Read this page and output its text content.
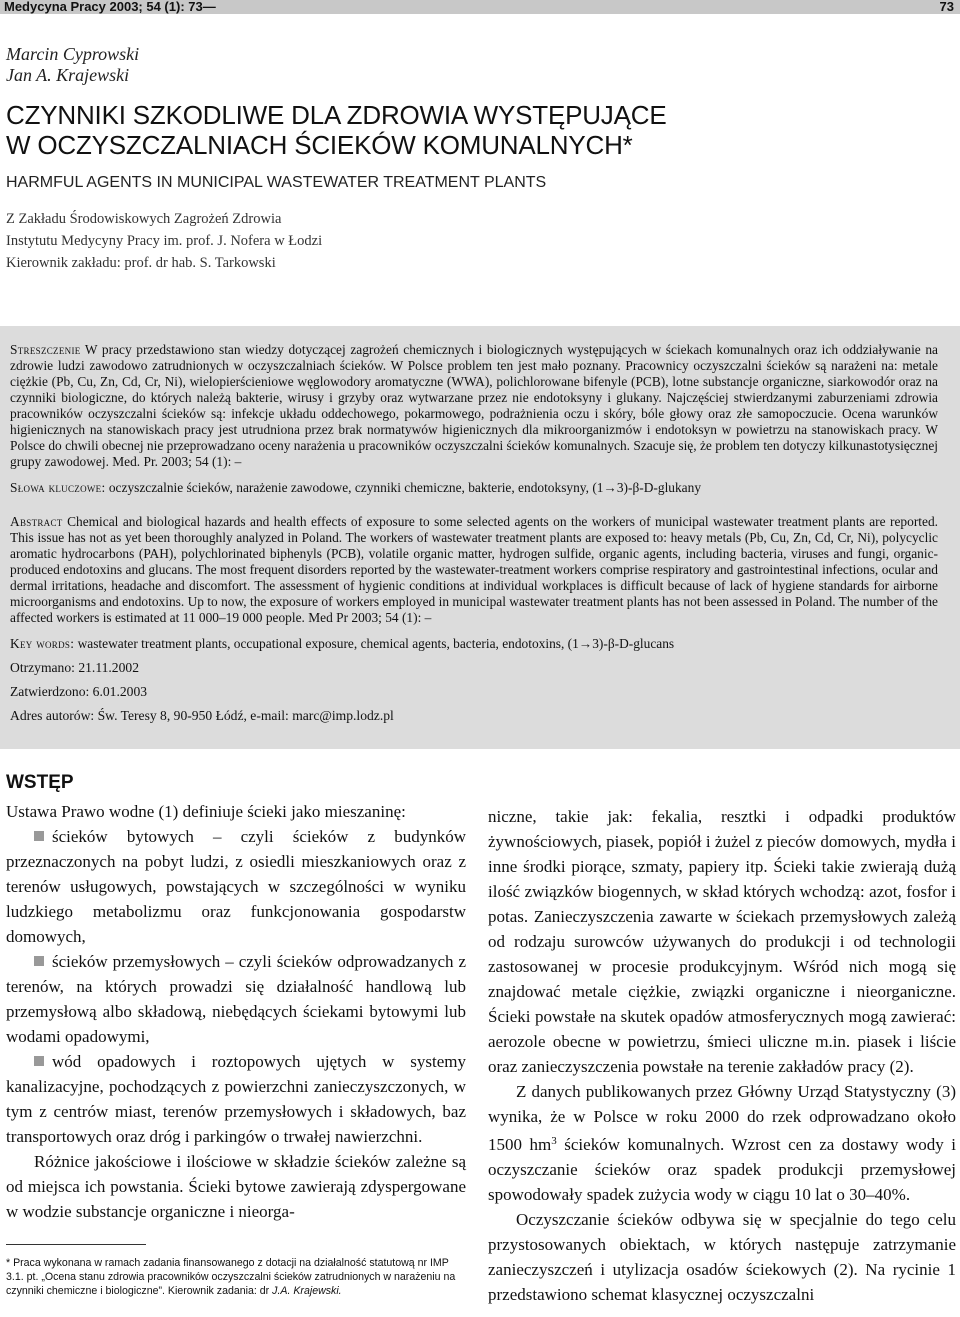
Medycyna Pracy 2003; 54 (1): 73—	73
Marcin Cyprowski
Jan A. Krajewski
CZYNNIKI SZKODLIWE DLA ZDROWIA WYSTĘPUJĄCE
W OCZYSZCZALNIACH ŚCIEKÓW KOMUNALNYCH*
HARMFUL AGENTS IN MUNICIPAL WASTEWATER TREATMENT PLANTS
Z Zakładu Środowiskowych Zagrożeń Zdrowia
Instytutu Medycyny Pracy im. prof. J. Nofera w Łodzi
Kierownik zakładu: prof. dr hab. S. Tarkowski

Streszczenie W pracy przedstawiono stan wiedzy dotyczącej zagrożeń chemicznych i biologicznych występujących w ściekach komunalnych oraz ich oddziaływanie na zdrowie ludzi zawodowo zatrudnionych w oczyszczalniach ścieków. W Polsce problem ten jest mało poznany. Pracownicy oczyszczalni ścieków są narażeni na: metale ciężkie (Pb, Cu, Zn, Cd, Cr, Ni), wielopierścieniowe węglowodory aromatyczne (WWA), polichlorowane bifenyle (PCB), lotne substancje organiczne, siarkowodór oraz na czynniki biologiczne, do których należą bakterie, wirusy i grzyby oraz wytwarzane przez nie endotoksyny i glukany. Najczęściej stwierdzanymi zaburzeniami zdrowia pracowników oczyszczalni ścieków są: infekcje układu oddechowego, pokarmowego, podrażnienia oczu i skóry, bóle głowy oraz złe samopoczucie. Ocena warunków higienicznych na stanowiskach pracy jest utrudniona przez brak normatywów higienicznych dla mikroorganizmów i endotoksyn w powietrzu na stanowiskach pracy. W Polsce do chwili obecnej nie przeprowadzano oceny narażenia u pracowników oczyszczalni ścieków komunalnych. Szacuje się, że problem ten dotyczy kilkunastotysięcznej grupy zawodowej. Med. Pr. 2003; 54 (1): –

Słowa kluczowe: oczyszczalnie ścieków, narażenie zawodowe, czynniki chemiczne, bakterie, endotoksyny, (1→3)-β-D-glukany

Abstract Chemical and biological hazards and health effects of exposure to some selected agents on the workers of municipal wastewater treatment plants are reported. This issue has not as yet been thoroughly analyzed in Poland. The workers of wastewater treatment plants are exposed to: heavy metals (Pb, Cu, Zn, Cd, Cr, Ni), polycyclic aromatic hydrocarbons (PAH), polychlorinated biphenyls (PCB), volatile organic matter, hydrogen sulfide, organic agents, including bacteria, viruses and fungi, organic-produced endotoxins and glucans. The most frequent disorders reported by the wastewater-treatment workers comprise respiratory and gastrointestinal infections, ocular and dermal irritations, headache and discomfort. The assessment of hygienic conditions at individual workplaces is difficult because of lack of hygiene standards for airborne microorganisms and endotoxins. Up to now, the exposure of workers employed in municipal wastewater treatment plants has not been assessed in Poland. The number of the affected workers is estimated at 11 000–19 000 people. Med Pr 2003; 54 (1): –

Key words: wastewater treatment plants, occupational exposure, chemical agents, bacteria, endotoxins, (1→3)-β-D-glucans

Otrzymano: 21.11.2002

Zatwierdzono: 6.01.2003

Adres autorów: Św. Teresy 8, 90-950 Łódź, e-mail: marc@imp.lodz.pl

WSTĘP

Ustawa Prawo wodne (1) definiuje ścieki jako mieszaninę:

ścieków bytowych – czyli ścieków z budynków przeznaczonych na pobyt ludzi, z osiedli mieszkaniowych oraz z terenów usługowych, powstających w szczególności w wyniku ludzkiego metabolizmu oraz funkcjonowania gospodarstw domowych,

ścieków przemysłowych – czyli ścieków odprowadzanych z terenów, na których prowadzi się działalność handlową lub przemysłową albo składową, niebędących ściekami bytowymi lub wodami opadowymi,

wód opadowych i roztopowych ujętych w systemy kanalizacyjne, pochodzących z powierzchni zanieczyszczonych, w tym z centrów miast, terenów przemysłowych i składowych, baz transportowych oraz dróg i parkingów o trwałej nawierzchni.

Różnice jakościowe i ilościowe w składzie ścieków zależne są od miejsca ich powstania. Ścieki bytowe zawierają zdyspergowane w wodzie substancje organiczne i nieorga-

niczne, takie jak: fekalia, resztki i odpadki produktów żywnościowych, piasek, popiół i żużel z pieców domowych, mydła i inne środki piorące, szmaty, papiery itp. Ścieki takie zwierają dużą ilość związków biogennych, w skład których wchodzą: azot, fosfor i potas. Zanieczyszczenia zawarte w ściekach przemysłowych zależą od rodzaju surowców używanych do produkcji i od technologii zastosowanej w procesie produkcyjnym. Wśród nich mogą się znajdować metale ciężkie, związki organiczne i nieorganiczne. Ścieki powstałe na skutek opadów atmosferycznych mogą zawierać: aerozole obecne w powietrzu, śmieci uliczne m.in. piasek i liście oraz zanieczyszczenia powstałe na terenie zakładów pracy (2).

Z danych publikowanych przez Główny Urząd Statystyczny (3) wynika, że w Polsce w roku 2000 do rzek odprowadzano około 1500 $hm^3$ ścieków komunalnych. Wzrost cen za dostawy wody i oczyszczanie ścieków oraz spadek produkcji przemysłowej spowodowały spadek zużycia wody w ciągu 10 lat o 30–40%.

Oczyszczanie ścieków odbywa się w specjalnie do tego celu przystosowanych obiektach, w których następuje zatrzymanie zanieczyszczeń i utylizacja osadów ściekowych (2). Na rycinie 1 przedstawiono schemat klasycznej oczyszczalni

* Praca wykonana w ramach zadania finansowanego z dotacji na działalność statutową nr IMP 3.1. pt. „Ocena stanu zdrowia pracowników oczyszczalni ścieków zatrudnionych w narażeniu na czynniki chemiczne i biologiczne”. Kierownik zadania: dr J.A. Krajewski.
